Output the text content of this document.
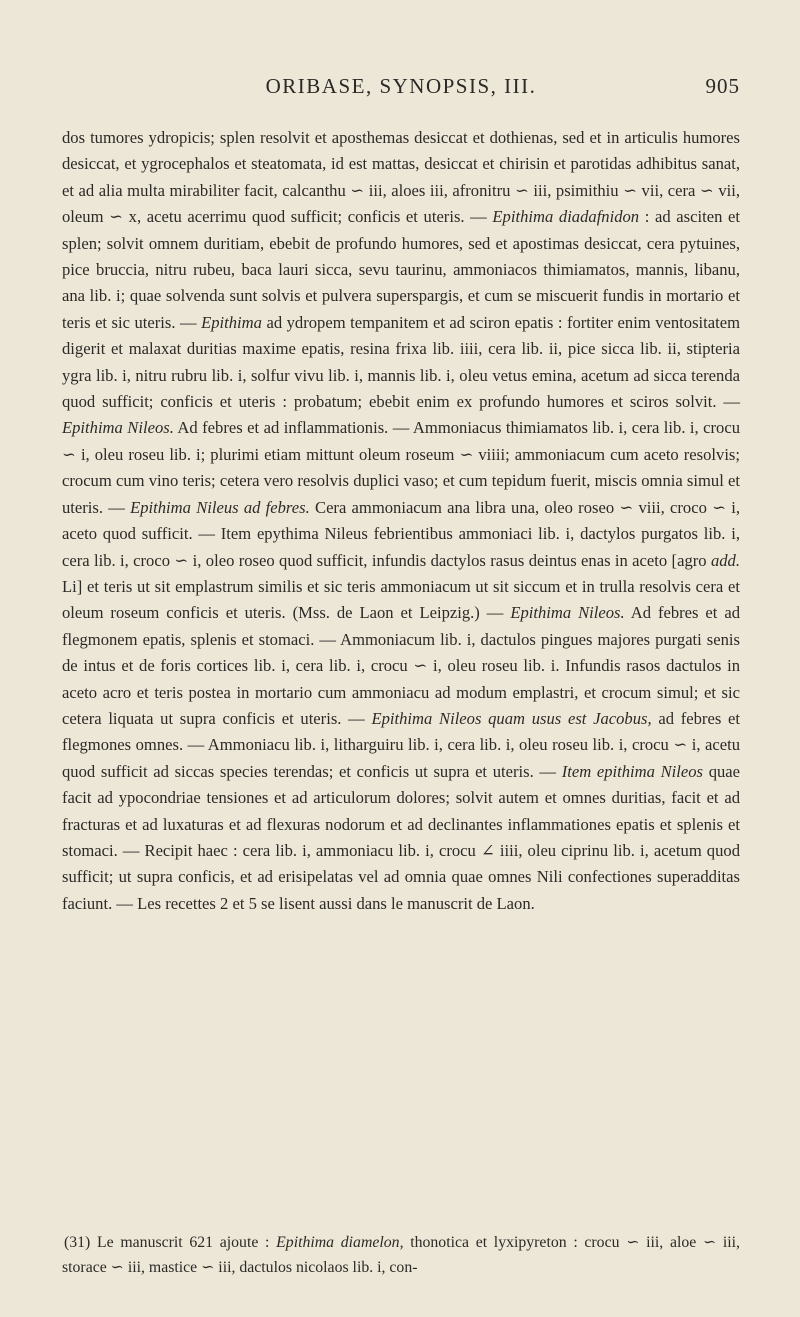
ORIBASE, SYNOPSIS, III.	905

dos tumores ydropicis; splen resolvit et aposthemas desiccat et dothienas, sed et in articulis humores desiccat, et ygrocephalos et steatomata, id est mattas, desiccat et chirisin et parotidas adhibitus sanat, et ad alia multa mirabiliter facit, calcanthu ∽ iii, aloes iii, afronitru ∽ iii, psimithiu ∽ vii, cera ∽ vii, oleum ∽ x, acetu acerrimu quod sufficit; conficis et uteris. — Epithima diadafnidon : ad asciten et splen; solvit omnem duritiam, ebebit de profundo humores, sed et apostimas desiccat, cera pytuines, pice bruccia, nitru rubeu, baca lauri sicca, sevu taurinu, ammoniacos thimiamatos, mannis, libanu, ana lib. i; quae solvenda sunt solvis et pulvera superspargis, et cum se miscuerit fundis in mortario et teris et sic uteris. — Epithima ad ydropem tempanitem et ad sciron epatis : fortiter enim ventositatem digerit et malaxat duritias maxime epatis, resina frixa lib. iiii, cera lib. ii, pice sicca lib. ii, stipteria ygra lib. i, nitru rubru lib. i, solfur vivu lib. i, mannis lib. i, oleu vetus emina, acetum ad sicca terenda quod sufficit; conficis et uteris : probatum; ebebit enim ex profundo humores et sciros solvit. — Epithima Nileos. Ad febres et ad inflammationis. — Ammoniacus thimiamatos lib. i, cera lib. i, crocu ∽ i, oleu roseu lib. i; plurimi etiam mittunt oleum roseum ∽ viiii; ammoniacum cum aceto resolvis; crocum cum vino teris; cetera vero resolvis duplici vaso; et cum tepidum fuerit, miscis omnia simul et uteris. — Epithima Nileus ad febres. Cera ammoniacum ana libra una, oleo roseo ∽ viii, croco ∽ i, aceto quod sufficit. — Item epythima Nileus febrientibus ammoniaci lib. i, dactylos purgatos lib. i, cera lib. i, croco ∽ i, oleo roseo quod sufficit, infundis dactylos rasus deintus enas in aceto [agro add. Li] et teris ut sit emplastrum similis et sic teris ammoniacum ut sit siccum et in trulla resolvis cera et oleum roseum conficis et uteris. (Mss. de Laon et Leipzig.) — Epithima Nileos. Ad febres et ad flegmonem epatis, splenis et stomaci. — Ammoniacum lib. i, dactulos pingues majores purgati senis de intus et de foris cortices lib. i, cera lib. i, crocu ∽ i, oleu roseu lib. i. Infundis rasos dactulos in aceto acro et teris postea in mortario cum ammoniacu ad modum emplastri, et crocum simul; et sic cetera liquata ut supra conficis et uteris. — Epithima Nileos quam usus est Jacobus, ad febres et flegmones omnes. — Ammoniacu lib. i, litharguiru lib. i, cera lib. i, oleu roseu lib. i, crocu ∽ i, acetu quod sufficit ad siccas species terendas; et conficis ut supra et uteris. — Item epithima Nileos quae facit ad ypocondriae tensiones et ad articulorum dolores; solvit autem et omnes duritias, facit et ad fracturas et ad luxaturas et ad flexuras nodorum et ad declinantes inflammationes epatis et splenis et stomaci. — Recipit haec : cera lib. i, ammoniacu lib. i, crocu ∠ iiii, oleu ciprinu lib. i, acetum quod sufficit; ut supra conficis, et ad erisipelatas vel ad omnia quae omnes Nili confectiones superadditas faciunt. — Les recettes 2 et 5 se lisent aussi dans le manuscrit de Laon.

(31) Le manuscrit 621 ajoute : Epithima diamelon, thonotica et lyxipyreton : crocu ∽ iii, aloe ∽ iii, storace ∽ iii, mastice ∽ iii, dactulos nicolaos lib. i, con-
